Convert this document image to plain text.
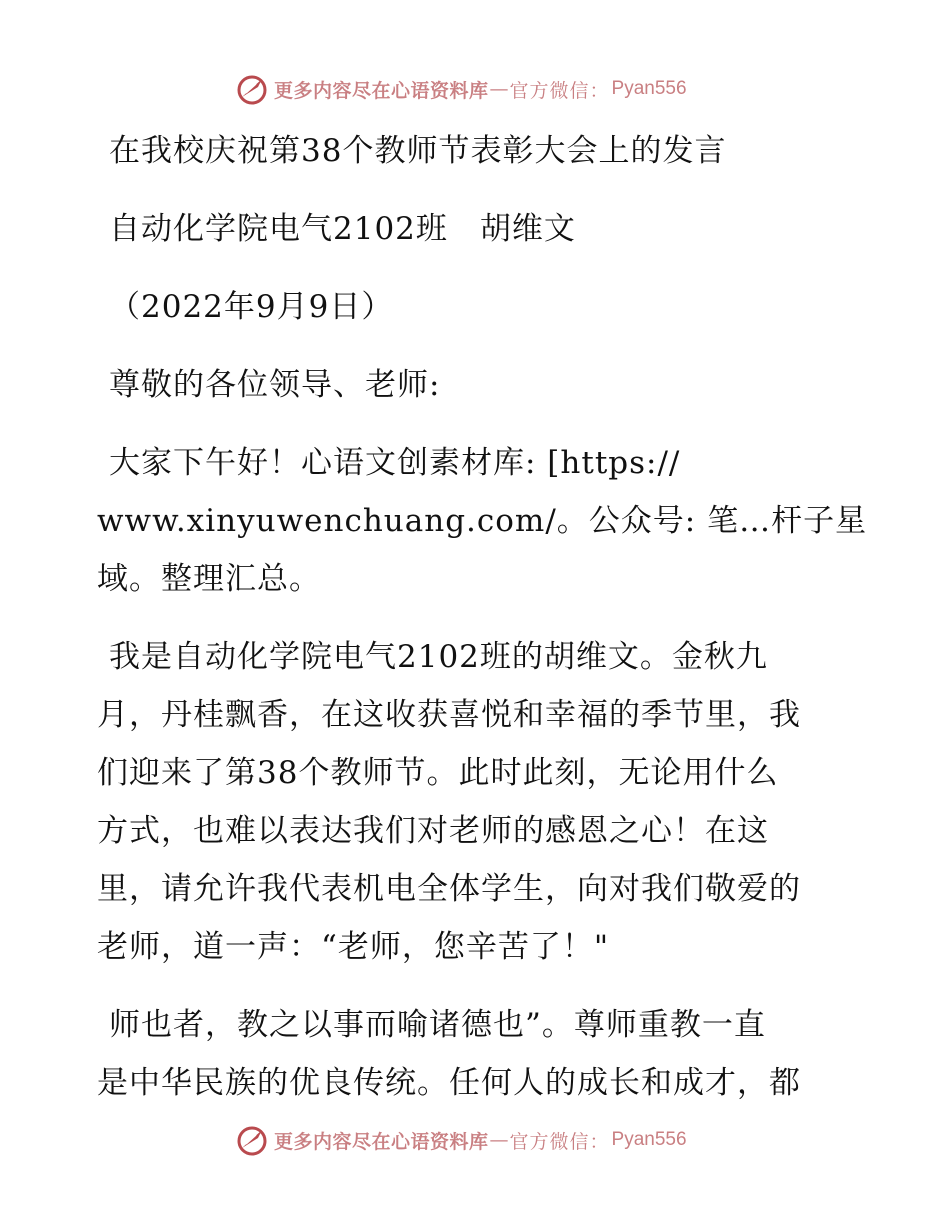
更多内容尽在心语资料库 — 官方微信： Pyan556
在我校庆祝第38个教师节表彰大会上的发言
自动化学院电气2102班　胡维文
（2022年9月9日）
尊敬的各位领导、老师:
大家下午好！心语文创素材库: [https://
www.xinyuwenchuang.com/。公众号: 笔…杆子星
域。整理汇总。
我是自动化学院电气2102班的胡维文。金秋九
月，丹桂飘香，在这收获喜悦和幸福的季节里，我
们迎来了第38个教师节。此时此刻，无论用什么
方式，也难以表达我们对老师的感恩之心！在这
里，请允许我代表机电全体学生，向对我们敬爱的
老师，道一声：“老师，您辛苦了！"
师也者，教之以事而喻诸德也”。尊师重教一直
是中华民族的优良传统。任何人的成长和成才，都
更多内容尽在心语资料库 — 官方微信： Pyan556
